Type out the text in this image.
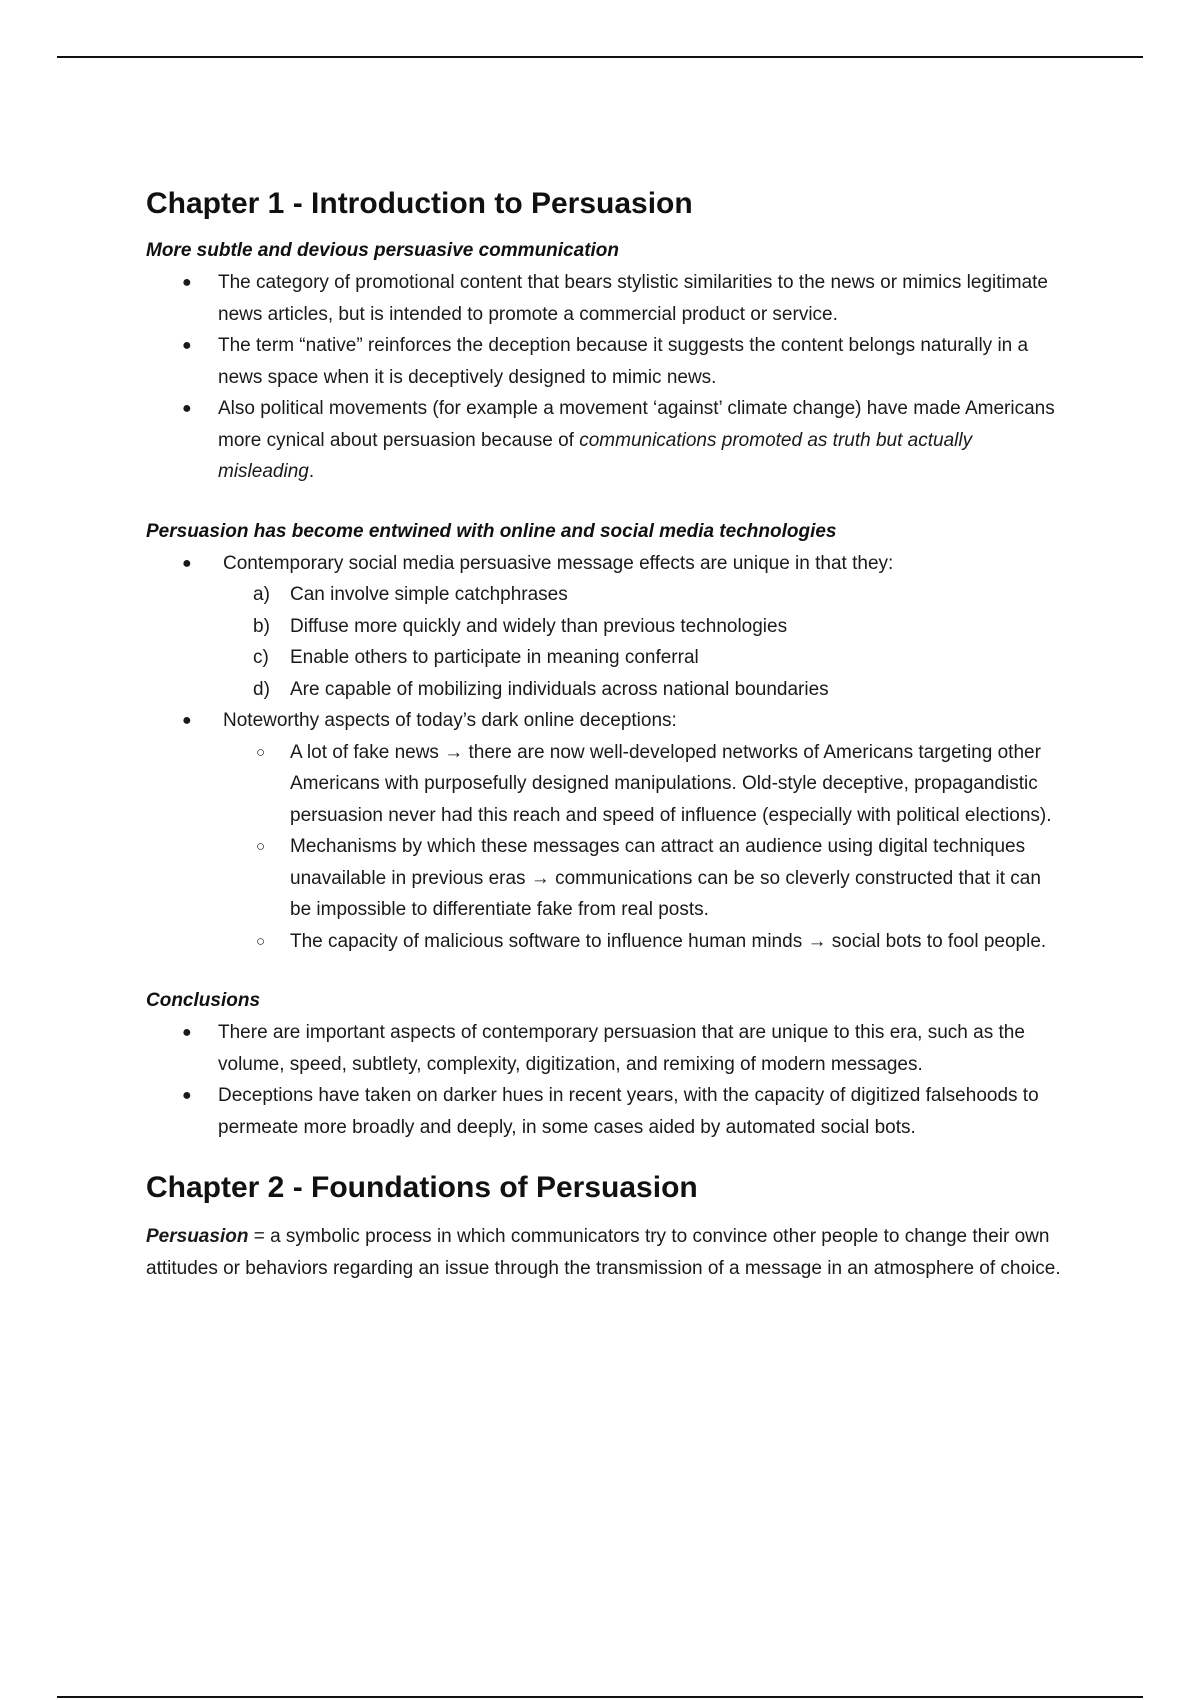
Chapter 1 - Introduction to Persuasion
More subtle and devious persuasive communication
● The category of promotional content that bears stylistic similarities to the news or mimics legitimate news articles, but is intended to promote a commercial product or service.
● The term “native” reinforces the deception because it suggests the content belongs naturally in a news space when it is deceptively designed to mimic news.
● Also political movements (for example a movement ‘against’ climate change) have made Americans more cynical about persuasion because of communications promoted as truth but actually misleading.
Persuasion has become entwined with online and social media technologies
● Contemporary social media persuasive message effects are unique in that they:
a) Can involve simple catchphrases
b) Diffuse more quickly and widely than previous technologies
c) Enable others to participate in meaning conferral
d) Are capable of mobilizing individuals across national boundaries
● Noteworthy aspects of today’s dark online deceptions:
○ A lot of fake news → there are now well-developed networks of Americans targeting other Americans with purposefully designed manipulations. Old-style deceptive, propagandistic persuasion never had this reach and speed of influence (especially with political elections).
○ Mechanisms by which these messages can attract an audience using digital techniques unavailable in previous eras → communications can be so cleverly constructed that it can be impossible to differentiate fake from real posts.
○ The capacity of malicious software to influence human minds → social bots to fool people.
Conclusions
● There are important aspects of contemporary persuasion that are unique to this era, such as the volume, speed, subtlety, complexity, digitization, and remixing of modern messages.
● Deceptions have taken on darker hues in recent years, with the capacity of digitized falsehoods to permeate more broadly and deeply, in some cases aided by automated social bots.
Chapter 2 - Foundations of Persuasion

Persuasion = a symbolic process in which communicators try to convince other people to change their own attitudes or behaviors regarding an issue through the transmission of a message in an atmosphere of choice.
